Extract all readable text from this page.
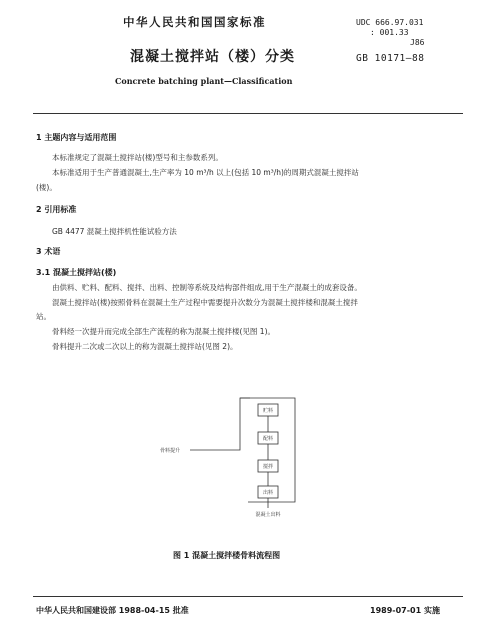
中华人民共和国国家标准	UDC 666.97.031
: 001.33
J86
混凝土搅拌站（楼）分类	GB 10171—88
Concrete batching plant—Classification
1 主题内容与适用范围
本标准规定了混凝土搅拌站(楼)型号和主参数系列。
本标准适用于生产普通混凝土,生产率为 10 m³/h 以上(包括 10 m³/h)的周期式混凝土搅拌站
(楼)。
2 引用标准
GB 4477 混凝土搅拌机性能试验方法
3 术语
3.1 混凝土搅拌站(楼)
由供料、贮料、配料、搅拌、出料、控制等系统及结构部件组成,用于生产混凝土的成套设备。
混凝土搅拌站(楼)按照骨料在混凝土生产过程中需要提升次数分为混凝土搅拌楼和混凝土搅拌
站。
骨料经一次提升而完成全部生产流程的称为混凝土搅拌楼(见图 1)。
骨料提升二次或二次以上的称为混凝土搅拌站(见图 2)。
贮料
配料
搅拌
出料
骨料提升
混凝土出料
图 1 混凝土搅拌楼骨料流程图
中华人民共和国建设部 1988-04-15 批准	1989-07-01 实施
